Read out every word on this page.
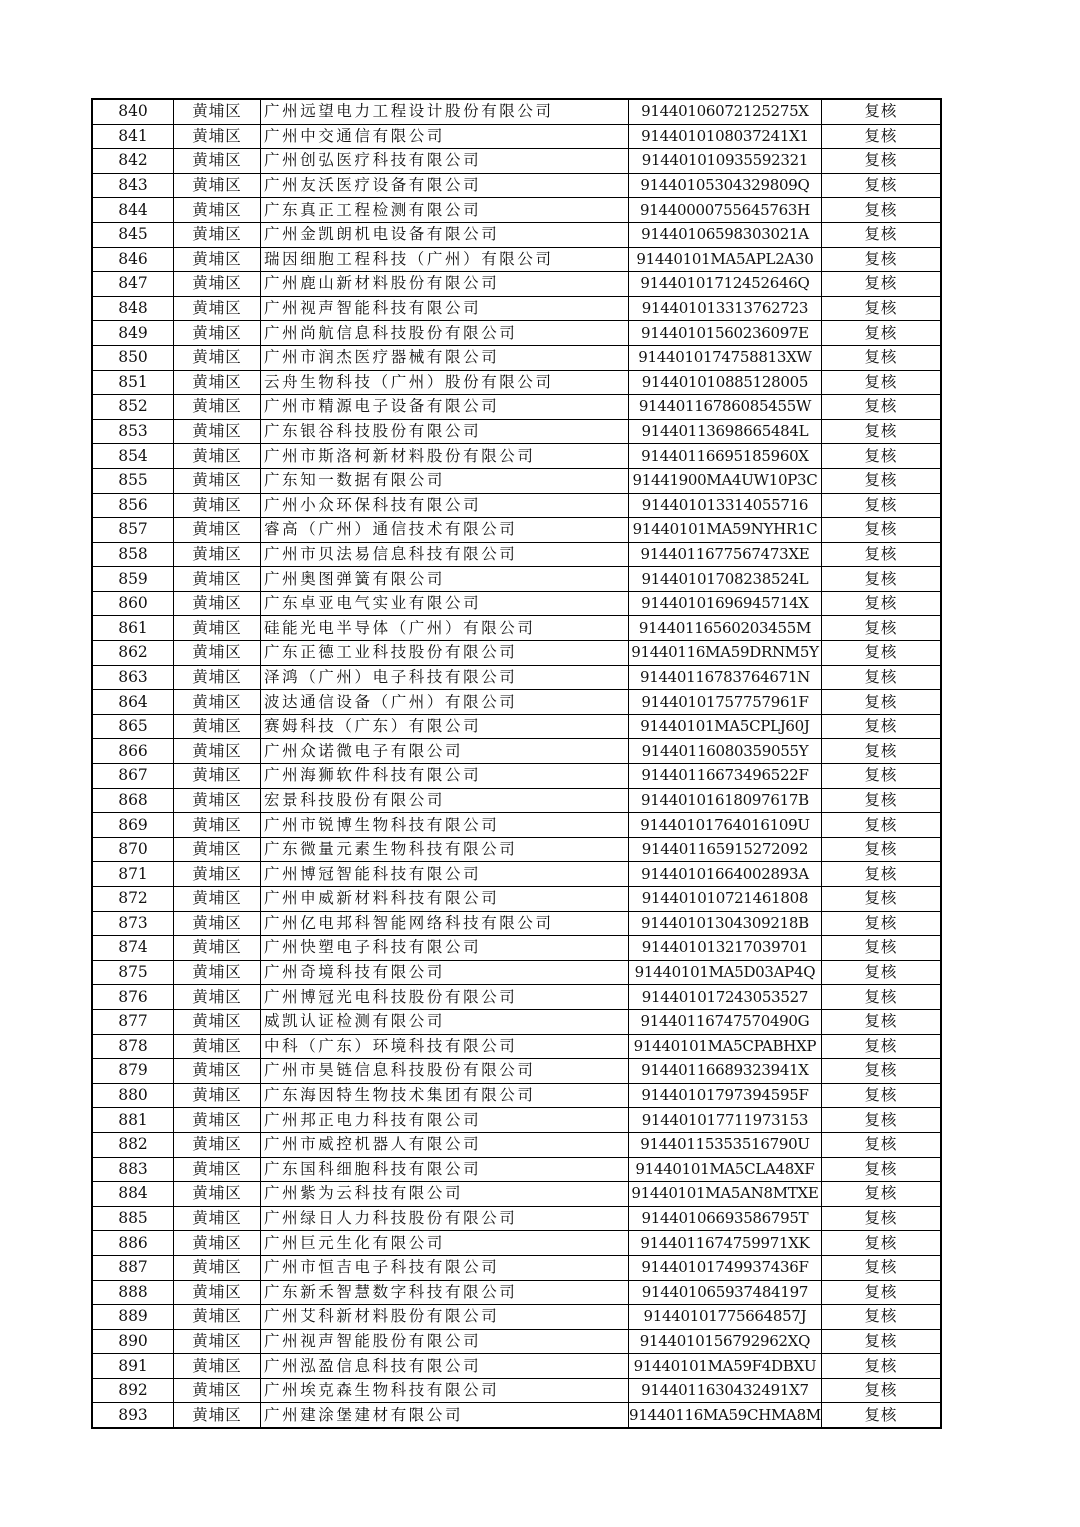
840	黄埔区	广州远望电力工程设计股份有限公司	91440106072125275X	复核
841	黄埔区	广州中交通信有限公司	9144010108037241X1	复核
842	黄埔区	广州创弘医疗科技有限公司	914401010935592321	复核
843	黄埔区	广州友沃医疗设备有限公司	91440105304329809Q	复核
844	黄埔区	广东真正工程检测有限公司	91440000755645763H	复核
845	黄埔区	广州金凯朗机电设备有限公司	91440106598303021A	复核
846	黄埔区	瑞因细胞工程科技（广州）有限公司	91440101MA5APL2A30	复核
847	黄埔区	广州鹿山新材料股份有限公司	91440101712452646Q	复核
848	黄埔区	广州视声智能科技有限公司	914401013313762723	复核
849	黄埔区	广州尚航信息科技股份有限公司	91440101560236097E	复核
850	黄埔区	广州市润杰医疗器械有限公司	9144010174758813XW	复核
851	黄埔区	云舟生物科技（广州）股份有限公司	914401010885128005	复核
852	黄埔区	广州市精源电子设备有限公司	91440116786085455W	复核
853	黄埔区	广东银谷科技股份有限公司	91440113698665484L	复核
854	黄埔区	广州市斯洛柯新材料股份有限公司	91440116695185960X	复核
855	黄埔区	广东知一数据有限公司	91441900MA4UW10P3C	复核
856	黄埔区	广州小众环保科技有限公司	914401013314055716	复核
857	黄埔区	睿高（广州）通信技术有限公司	91440101MA59NYHR1C	复核
858	黄埔区	广州市贝法易信息科技有限公司	9144011677567473XE	复核
859	黄埔区	广州奥图弹簧有限公司	91440101708238524L	复核
860	黄埔区	广东卓亚电气实业有限公司	91440101696945714X	复核
861	黄埔区	硅能光电半导体（广州）有限公司	91440116560203455M	复核
862	黄埔区	广东正德工业科技股份有限公司	91440116MA59DRNM5Y	复核
863	黄埔区	泽鸿（广州）电子科技有限公司	91440116783764671N	复核
864	黄埔区	波达通信设备（广州）有限公司	91440101757757961F	复核
865	黄埔区	赛姆科技（广东）有限公司	91440101MA5CPLJ60J	复核
866	黄埔区	广州众诺微电子有限公司	91440116080359055Y	复核
867	黄埔区	广州海狮软件科技有限公司	91440116673496522F	复核
868	黄埔区	宏景科技股份有限公司	91440101618097617B	复核
869	黄埔区	广州市锐博生物科技有限公司	91440101764016109U	复核
870	黄埔区	广东微量元素生物科技有限公司	914401165915272092	复核
871	黄埔区	广州博冠智能科技有限公司	91440101664002893A	复核
872	黄埔区	广州申威新材料科技有限公司	914401010721461808	复核
873	黄埔区	广州亿电邦科智能网络科技有限公司	91440101304309218B	复核
874	黄埔区	广州快塑电子科技有限公司	914401013217039701	复核
875	黄埔区	广州奇境科技有限公司	91440101MA5D03AP4Q	复核
876	黄埔区	广州博冠光电科技股份有限公司	914401017243053527	复核
877	黄埔区	威凯认证检测有限公司	91440116747570490G	复核
878	黄埔区	中科（广东）环境科技有限公司	91440101MA5CPABHXP	复核
879	黄埔区	广州市昊链信息科技股份有限公司	91440116689323941X	复核
880	黄埔区	广东海因特生物技术集团有限公司	91440101797394595F	复核
881	黄埔区	广州邦正电力科技有限公司	914401017711973153	复核
882	黄埔区	广州市威控机器人有限公司	91440115353516790U	复核
883	黄埔区	广东国科细胞科技有限公司	91440101MA5CLA48XF	复核
884	黄埔区	广州紫为云科技有限公司	91440101MA5AN8MTXE	复核
885	黄埔区	广州绿日人力科技股份有限公司	91440106693586795T	复核
886	黄埔区	广州巨元生化有限公司	9144011674759971XK	复核
887	黄埔区	广州市恒吉电子科技有限公司	91440101749937436F	复核
888	黄埔区	广东新禾智慧数字科技有限公司	914401065937484197	复核
889	黄埔区	广州艾科新材料股份有限公司	91440101775664857J	复核
890	黄埔区	广州视声智能股份有限公司	9144010156792962XQ	复核
891	黄埔区	广州泓盈信息科技有限公司	91440101MA59F4DBXU	复核
892	黄埔区	广州埃克森生物科技有限公司	9144011630432491X7	复核
893	黄埔区	广州建涂堡建材有限公司	91440116MA59CHMA8M	复核
